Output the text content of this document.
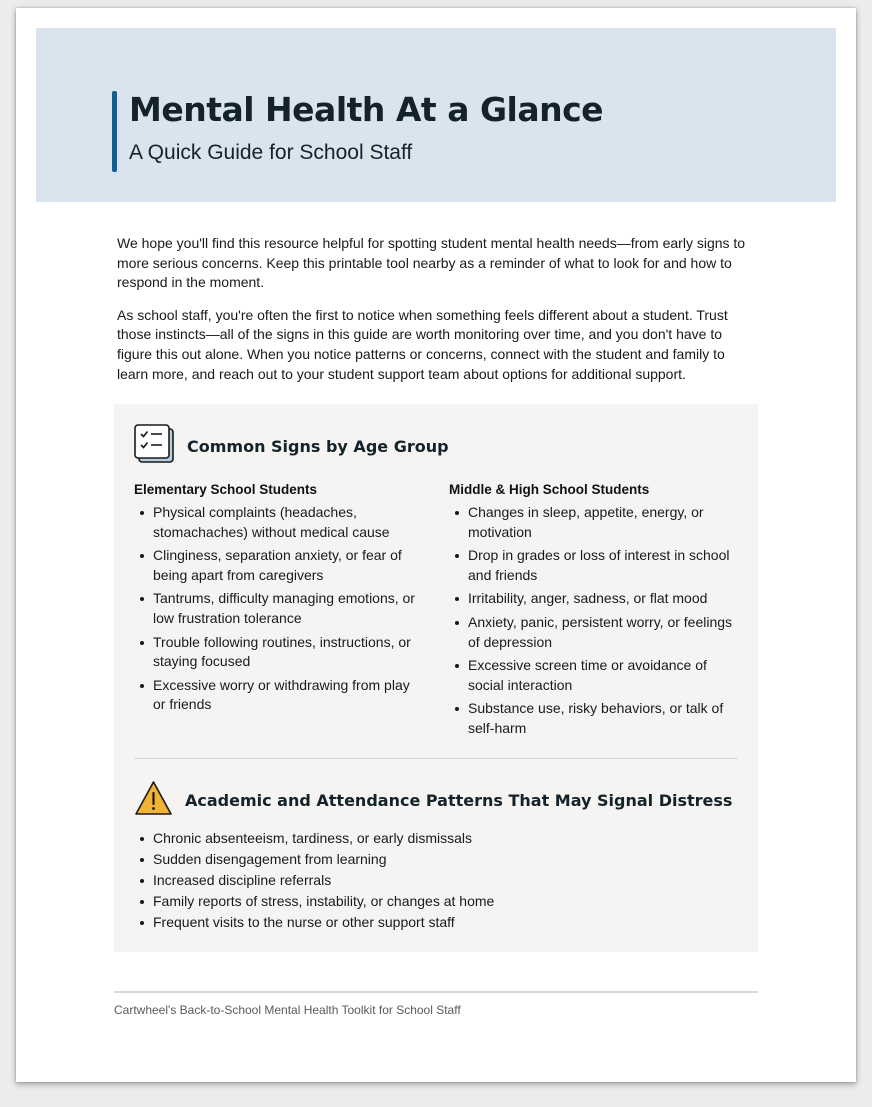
Mental Health At a Glance
A Quick Guide for School Staff

We hope you'll find this resource helpful for spotting student mental health needs—from early signs to more serious concerns. Keep this printable tool nearby as a reminder of what to look for and how to respond in the moment.

As school staff, you're often the first to notice when something feels different about a student. Trust those instincts—all of the signs in this guide are worth monitoring over time, and you don't have to figure this out alone. When you notice patterns or concerns, connect with the student and family to learn more, and reach out to your student support team about options for additional support.

Common Signs by Age Group
Elementary School Students
Physical complaints (headaches, stomachaches) without medical cause
Clinginess, separation anxiety, or fear of being apart from caregivers
Tantrums, difficulty managing emotions, or low frustration tolerance
Trouble following routines, instructions, or staying focused
Excessive worry or withdrawing from play or friends
Middle & High School Students
Changes in sleep, appetite, energy, or motivation
Drop in grades or loss of interest in school and friends
Irritability, anger, sadness, or flat mood
Anxiety, panic, persistent worry, or feelings of depression
Excessive screen time or avoidance of social interaction
Substance use, risky behaviors, or talk of self-harm
Academic and Attendance Patterns That May Signal Distress
Chronic absenteeism, tardiness, or early dismissals
Sudden disengagement from learning
Increased discipline referrals
Family reports of stress, instability, or changes at home
Frequent visits to the nurse or other support staff
Cartwheel's Back-to-School Mental Health Toolkit for School Staff
